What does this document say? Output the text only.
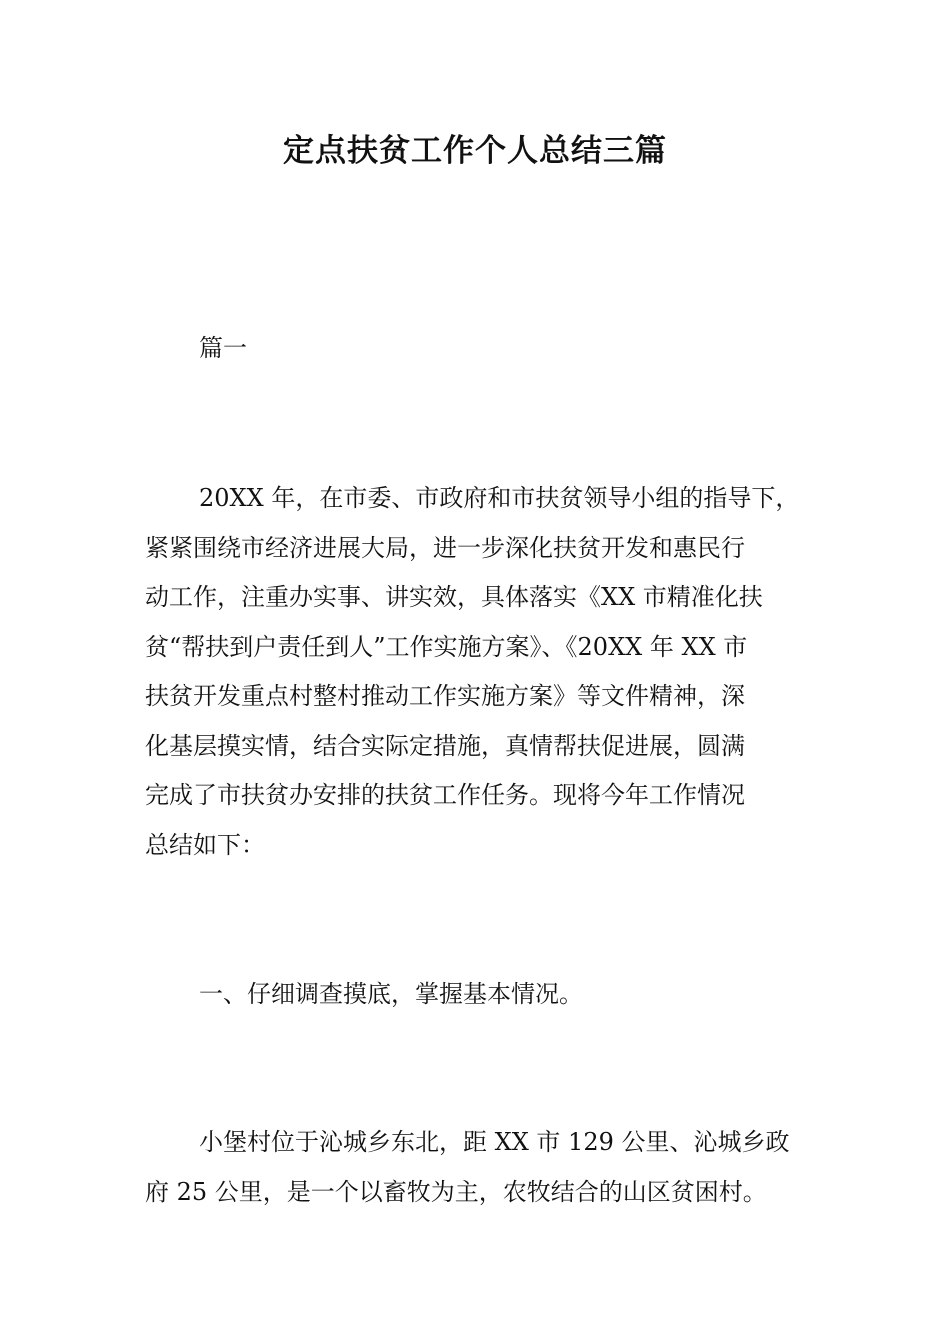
定点扶贫工作个人总结三篇

篇一

20XX 年，在市委、市政府和市扶贫领导小组的指导下，
紧紧围绕市经济进展大局，进一步深化扶贫开发和惠民行
动工作，注重办实事、讲实效，具体落实《XX 市精准化扶
贫“帮扶到户责任到人”工作实施方案》、《20XX 年 XX 市
扶贫开发重点村整村推动工作实施方案》等文件精神，深
化基层摸实情，结合实际定措施，真情帮扶促进展，圆满
完成了市扶贫办安排的扶贫工作任务。现将今年工作情况
总结如下：

一、仔细调查摸底，掌握基本情况。

小堡村位于沁城乡东北，距 XX 市 129 公里、沁城乡政
府 25 公里，是一个以畜牧为主，农牧结合的山区贫困村。
